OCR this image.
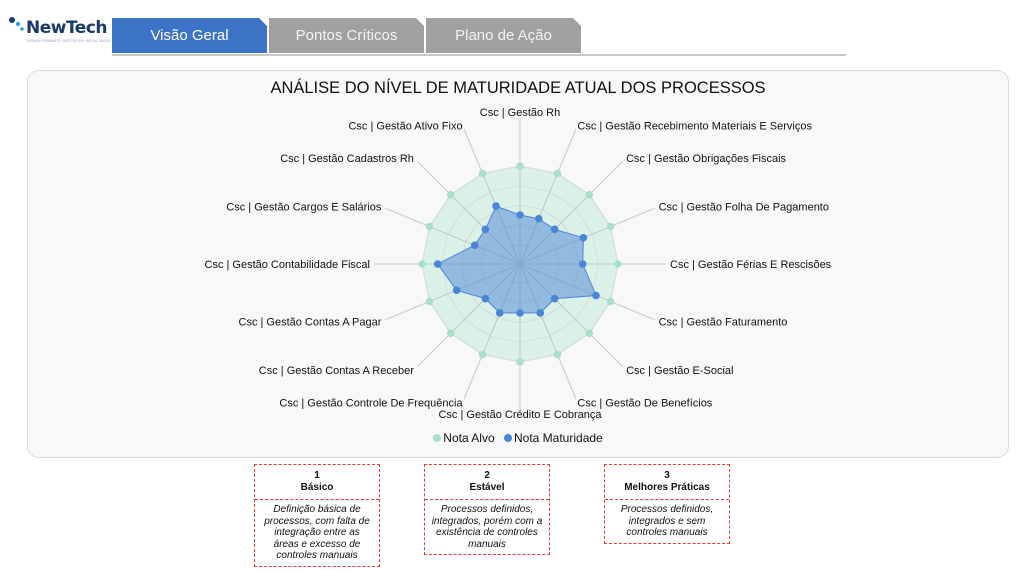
NewTech
TRANSFORMANDO GESTÃO EM RESULTADOS	Visão Geral	Pontos Críticos	Plano de Ação
ANÁLISE DO NÍVEL DE MATURIDADE ATUAL DOS PROCESSOS
Csc | Gestão Rh
Csc | Gestão Recebimento Materiais E Serviços
Csc | Gestão Obrigações Fiscais
Csc | Gestão Folha De Pagamento
Csc | Gestão Férias E Rescisões
Csc | Gestão Faturamento
Csc | Gestão E-Social
Csc | Gestão De Benefícios
Csc | Gestão Crédito E Cobrança
Csc | Gestão Controle De Frequência
Csc | Gestão Contas A Receber
Csc | Gestão Contas A Pagar
Csc | Gestão Contabilidade Fiscal
Csc | Gestão Cargos E Salários
Csc | Gestão Cadastros Rh
Csc | Gestão Ativo Fixo
Nota Alvo Nota Maturidade
1
Básico
Definição básica de processos, com falta de integração entre as áreas e excesso de controles manuais
2
Estável
Processos definidos, integrados, porém com a existência de controles manuais
3
Melhores Práticas
Processos definidos, integrados e sem controles manuais
